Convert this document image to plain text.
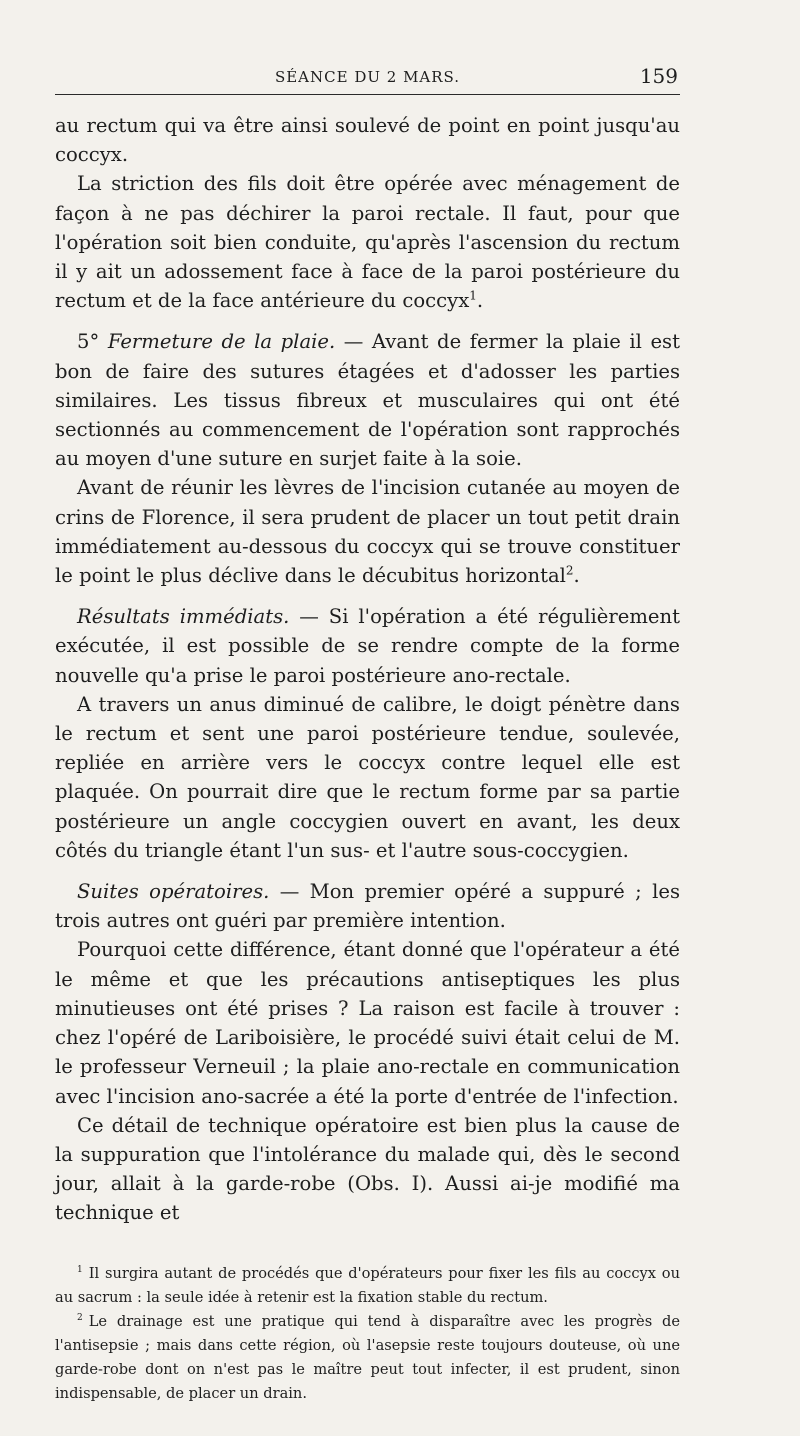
SÉANCE DU 2 MARS.	159

au rectum qui va être ainsi soulevé de point en point jusqu'au coccyx.

La striction des fils doit être opérée avec ménagement de façon à ne pas déchirer la paroi rectale. Il faut, pour que l'opération soit bien conduite, qu'après l'ascension du rectum il y ait un adossement face à face de la paroi postérieure du rectum et de la face antérieure du coccyx$^1$.

5° Fermeture de la plaie. — Avant de fermer la plaie il est bon de faire des sutures étagées et d'adosser les parties similaires. Les tissus fibreux et musculaires qui ont été sectionnés au commencement de l'opération sont rapprochés au moyen d'une suture en surjet faite à la soie.

Avant de réunir les lèvres de l'incision cutanée au moyen de crins de Florence, il sera prudent de placer un tout petit drain immédiatement au-dessous du coccyx qui se trouve constituer le point le plus déclive dans le décubitus horizontal$^2$.

Résultats immédiats. — Si l'opération a été régulièrement exécutée, il est possible de se rendre compte de la forme nouvelle qu'a prise le paroi postérieure ano-rectale.

A travers un anus diminué de calibre, le doigt pénètre dans le rectum et sent une paroi postérieure tendue, soulevée, repliée en arrière vers le coccyx contre lequel elle est plaquée. On pourrait dire que le rectum forme par sa partie postérieure un angle coccygien ouvert en avant, les deux côtés du triangle étant l'un sus- et l'autre sous-coccygien.

Suites opératoires. — Mon premier opéré a suppuré ; les trois autres ont guéri par première intention.

Pourquoi cette différence, étant donné que l'opérateur a été le même et que les précautions antiseptiques les plus minutieuses ont été prises ? La raison est facile à trouver : chez l'opéré de Lariboisière, le procédé suivi était celui de M. le professeur Verneuil ; la plaie ano-rectale en communication avec l'incision ano-sacrée a été la porte d'entrée de l'infection.

Ce détail de technique opératoire est bien plus la cause de la suppuration que l'intolérance du malade qui, dès le second jour, allait à la garde-robe (Obs. I). Aussi ai-je modifié ma technique et

$^1$ Il surgira autant de procédés que d'opérateurs pour fixer les fils au coccyx ou au sacrum : la seule idée à retenir est la fixation stable du rectum.

$^2$ Le drainage est une pratique qui tend à disparaître avec les progrès de l'antisepsie ; mais dans cette région, où l'asepsie reste toujours douteuse, où une garde-robe dont on n'est pas le maître peut tout infecter, il est prudent, sinon indispensable, de placer un drain.
